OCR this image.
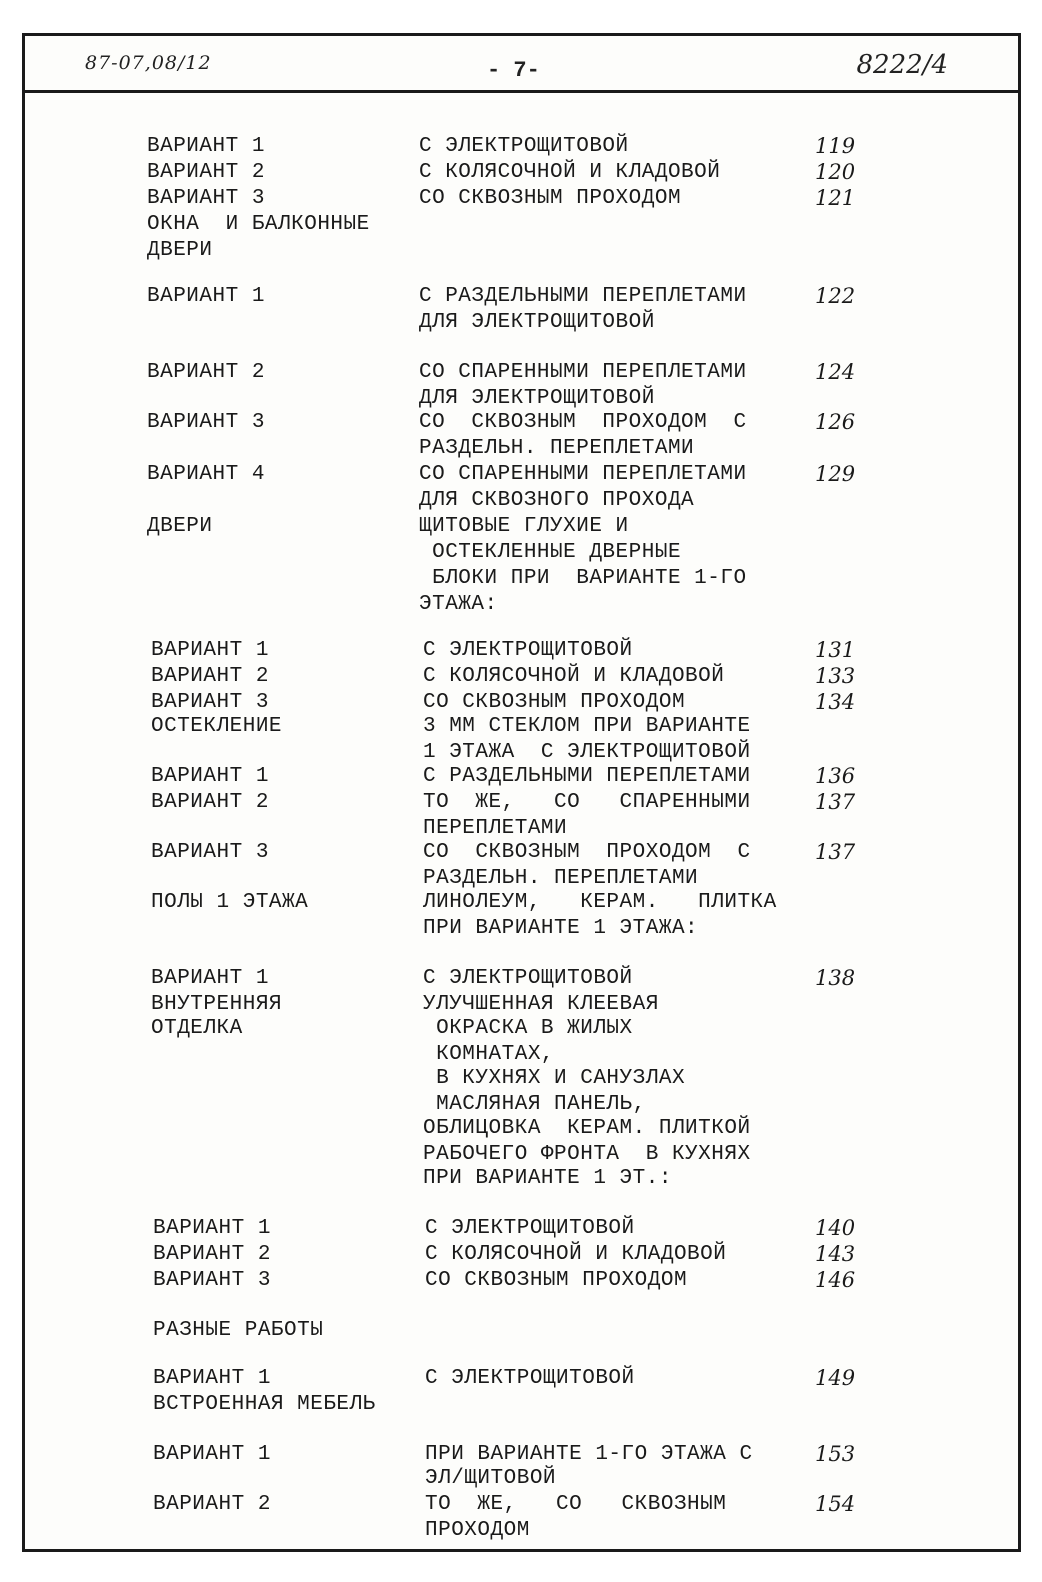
87-07,08/12	- 7-	8222/4
ВАРИАНТ 1	С ЭЛЕКТРОЩИТОВОЙ	119
ВАРИАНТ 2	С КОЛЯСОЧНОЙ И КЛАДОВОЙ	120
ВАРИАНТ 3	СО СКВОЗНЫМ ПРОХОДОМ	121
ОКНА  И БАЛКОННЫЕ
ДВЕРИ
ВАРИАНТ 1	С РАЗДЕЛЬНЫМИ ПЕРЕПЛЕТАМИ	122
ДЛЯ ЭЛЕКТРОЩИТОВОЙ
ВАРИАНТ 2	СО СПАРЕННЫМИ ПЕРЕПЛЕТАМИ	124
ДЛЯ ЭЛЕКТРОЩИТОВОЙ
ВАРИАНТ 3	СО  СКВОЗНЫМ  ПРОХОДОМ  С	126
РАЗДЕЛЬН. ПЕРЕПЛЕТАМИ
ВАРИАНТ 4	СО СПАРЕННЫМИ ПЕРЕПЛЕТАМИ	129
ДЛЯ СКВОЗНОГО ПРОХОДА
ДВЕРИ	ЩИТОВЫЕ ГЛУХИЕ И
ОСТЕКЛЕННЫЕ ДВЕРНЫЕ
БЛОКИ ПРИ  ВАРИАНТЕ 1-ГО
ЭТАЖА:
ВАРИАНТ 1	С ЭЛЕКТРОЩИТОВОЙ	131
ВАРИАНТ 2	С КОЛЯСОЧНОЙ И КЛАДОВОЙ	133
ВАРИАНТ 3	СО СКВОЗНЫМ ПРОХОДОМ	134
ОСТЕКЛЕНИЕ	3 ММ СТЕКЛОМ ПРИ ВАРИАНТЕ
1 ЭТАЖА  С ЭЛЕКТРОЩИТОВОЙ
ВАРИАНТ 1	С РАЗДЕЛЬНЫМИ ПЕРЕПЛЕТАМИ	136
ВАРИАНТ 2	ТО  ЖЕ,   СО   СПАРЕННЫМИ	137
ПЕРЕПЛЕТАМИ
ВАРИАНТ 3	СО  СКВОЗНЫМ  ПРОХОДОМ  С	137
РАЗДЕЛЬН. ПЕРЕПЛЕТАМИ
ПОЛЫ 1 ЭТАЖА	ЛИНОЛЕУМ,   КЕРАМ.   ПЛИТКА
ПРИ ВАРИАНТЕ 1 ЭТАЖА:
ВАРИАНТ 1	С ЭЛЕКТРОЩИТОВОЙ	138
ВНУТРЕННЯЯ	УЛУЧШЕННАЯ КЛЕЕВАЯ
ОТДЕЛКА	ОКРАСКА В ЖИЛЫХ
КОМНАТАХ,
В КУХНЯХ И САНУЗЛАХ
МАСЛЯНАЯ ПАНЕЛЬ,
ОБЛИЦОВКА  КЕРАМ. ПЛИТКОЙ
РАБОЧЕГО ФРОНТА  В КУХНЯХ
ПРИ ВАРИАНТЕ 1 ЭТ.:
ВАРИАНТ 1	С ЭЛЕКТРОЩИТОВОЙ	140
ВАРИАНТ 2	С КОЛЯСОЧНОЙ И КЛАДОВОЙ	143
ВАРИАНТ 3	СО СКВОЗНЫМ ПРОХОДОМ	146
РАЗНЫЕ РАБОТЫ
ВАРИАНТ 1	С ЭЛЕКТРОЩИТОВОЙ	149
ВСТРОЕННАЯ МЕБЕЛЬ
ВАРИАНТ 1	ПРИ ВАРИАНТЕ 1-ГО ЭТАЖА С	153
ЭЛ/ЩИТОВОЙ
ВАРИАНТ 2	ТО  ЖЕ,   СО   СКВОЗНЫМ	154
ПРОХОДОМ
